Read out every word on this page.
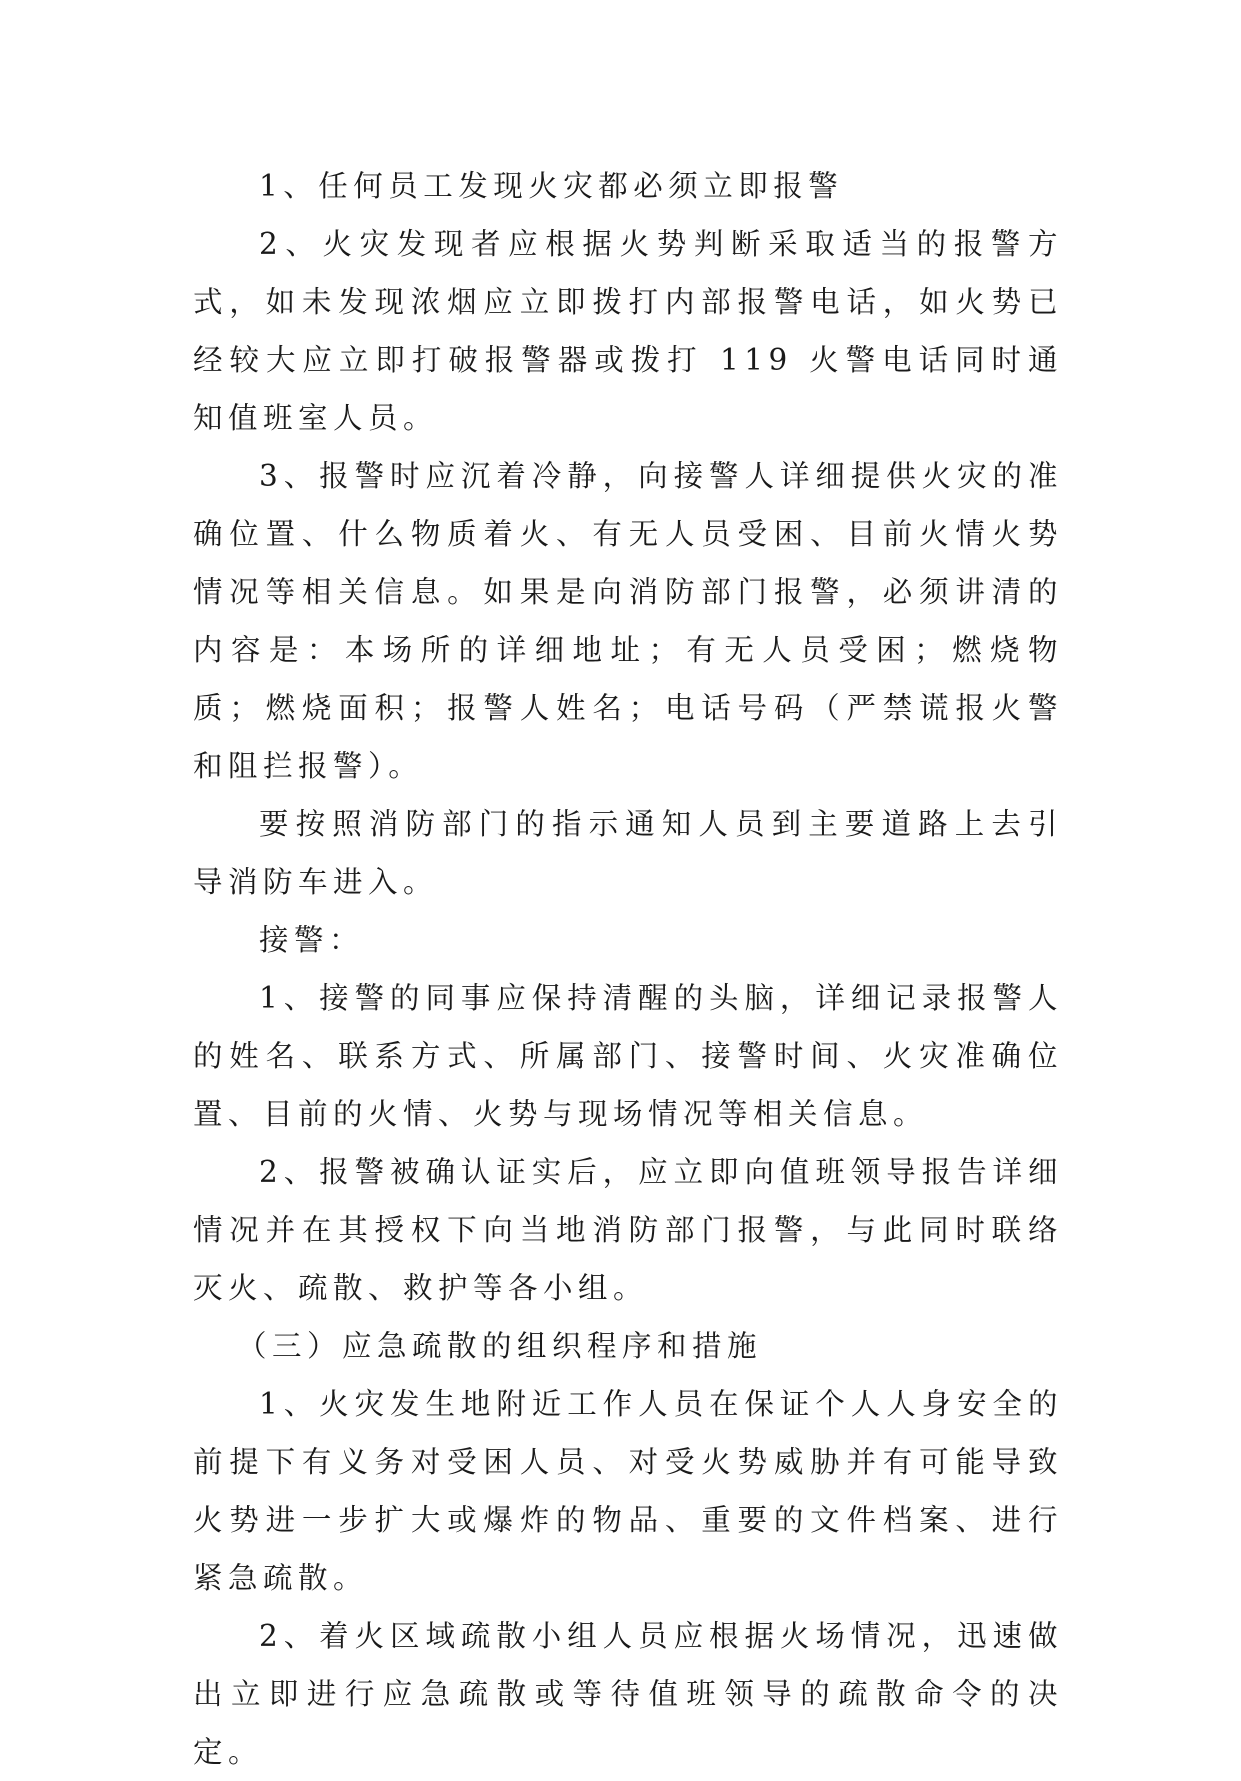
1、任何员工发现火灾都必须立即报警

2、火灾发现者应根据火势判断采取适当的报警方式，如未发现浓烟应立即拨打内部报警电话，如火势已经较大应立即打破报警器或拨打 119 火警电话同时通知值班室人员。

3、报警时应沉着冷静，向接警人详细提供火灾的准确位置、什么物质着火、有无人员受困、目前火情火势情况等相关信息。如果是向消防部门报警，必须讲清的内容是：本场所的详细地址；有无人员受困；燃烧物质；燃烧面积；报警人姓名；电话号码（严禁谎报火警和阻拦报警）。

要按照消防部门的指示通知人员到主要道路上去引导消防车进入。

接警：

1、接警的同事应保持清醒的头脑，详细记录报警人的姓名、联系方式、所属部门、接警时间、火灾准确位置、目前的火情、火势与现场情况等相关信息。

2、报警被确认证实后，应立即向值班领导报告详细情况并在其授权下向当地消防部门报警，与此同时联络灭火、疏散、救护等各小组。

（三）应急疏散的组织程序和措施

1、火灾发生地附近工作人员在保证个人人身安全的前提下有义务对受困人员、对受火势威胁并有可能导致火势进一步扩大或爆炸的物品、重要的文件档案、进行紧急疏散。

2、着火区域疏散小组人员应根据火场情况，迅速做出立即进行应急疏散或等待值班领导的疏散命令的决定。
